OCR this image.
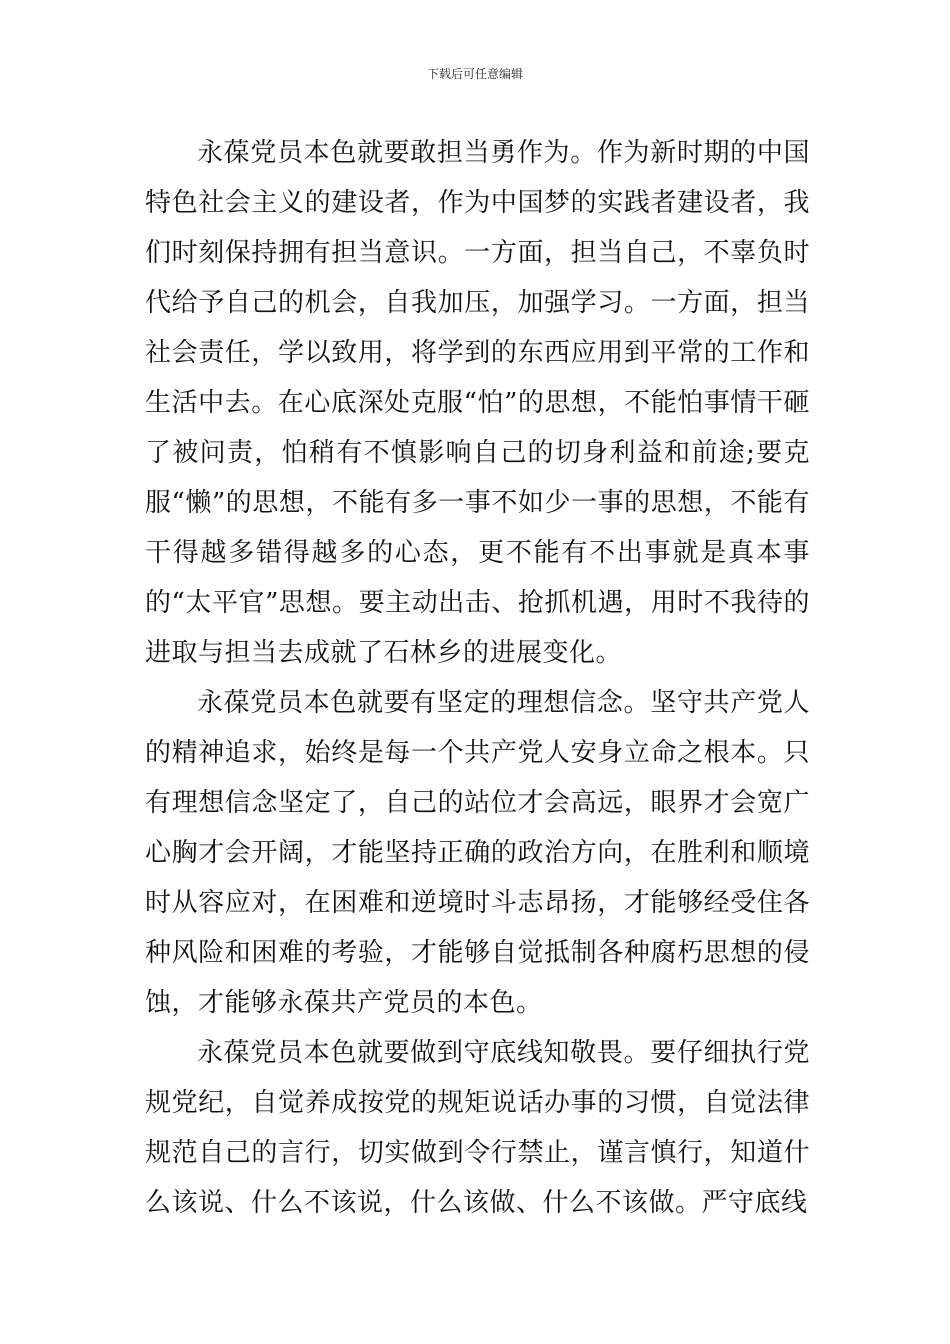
下载后可任意编辑

永葆党员本色就要敢担当勇作为。作为新时期的中国特色社会主义的建设者，作为中国梦的实践者建设者，我们时刻保持拥有担当意识。一方面，担当自己，不辜负时代给予自己的机会，自我加压，加强学习。一方面，担当社会责任，学以致用，将学到的东西应用到平常的工作和生活中去。在心底深处克服“怕”的思想，不能怕事情干砸了被问责，怕稍有不慎影响自己的切身利益和前途;要克服“懒”的思想，不能有多一事不如少一事的思想，不能有干得越多错得越多的心态，更不能有不出事就是真本事的“太平官”思想。要主动出击、抢抓机遇，用时不我待的进取与担当去成就了石林乡的进展变化。

永葆党员本色就要有坚定的理想信念。坚守共产党人的精神追求，始终是每一个共产党人安身立命之根本。只有理想信念坚定了，自己的站位才会高远，眼界才会宽广心胸才会开阔，才能坚持正确的政治方向，在胜利和顺境时从容应对，在困难和逆境时斗志昂扬，才能够经受住各种风险和困难的考验，才能够自觉抵制各种腐朽思想的侵蚀，才能够永葆共产党员的本色。

永葆党员本色就要做到守底线知敬畏。要仔细执行党规党纪，自觉养成按党的规矩说话办事的习惯，自觉法律规范自己的言行，切实做到令行禁止，谨言慎行，知道什么该说、什么不该说，什么该做、什么不该做。严守底线
